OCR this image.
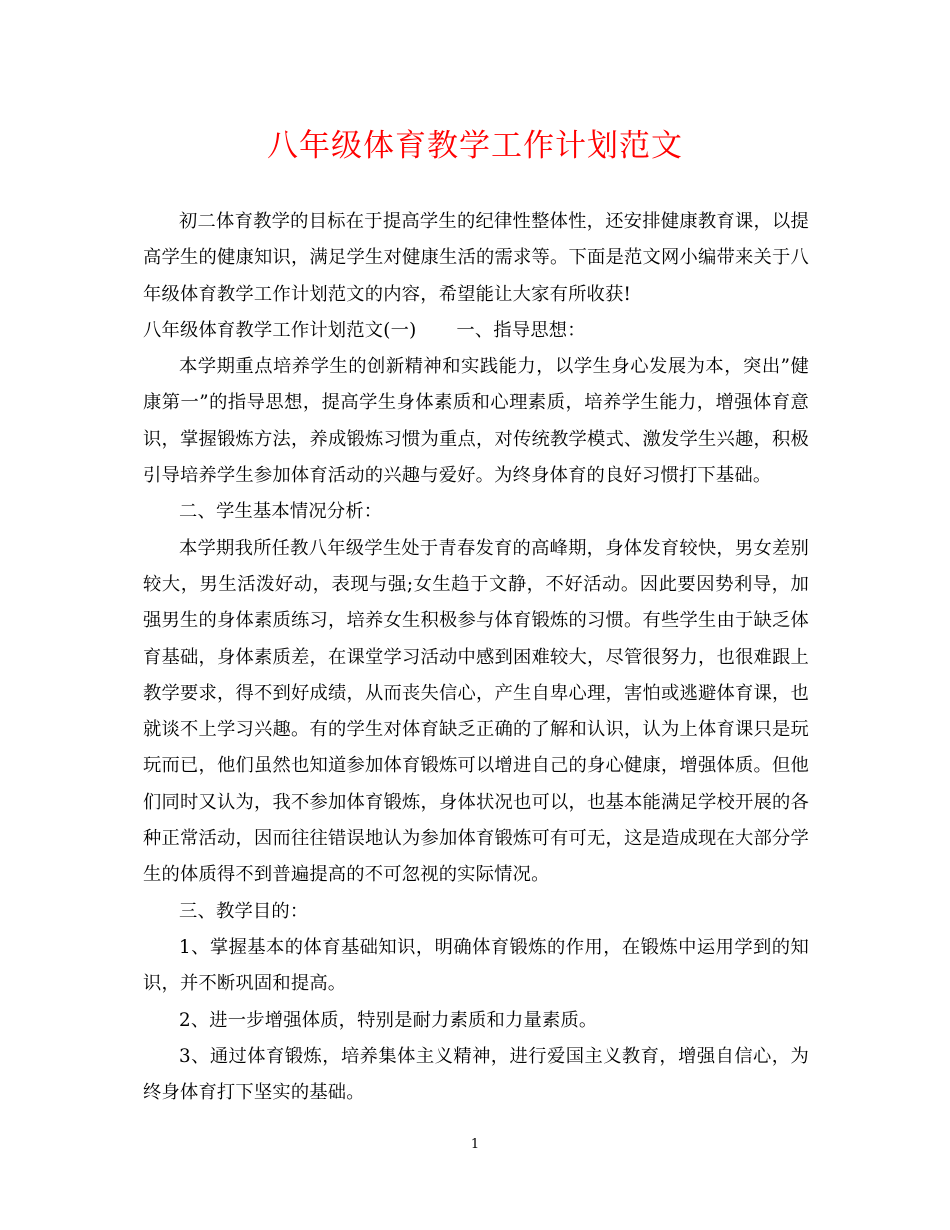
八年级体育教学工作计划范文

初二体育教学的目标在于提高学生的纪律性整体性，还安排健康教育课，以提高学生的健康知识，满足学生对健康生活的需求等。下面是范文网小编带来关于八年级体育教学工作计划范文的内容，希望能让大家有所收获!

八年级体育教学工作计划范文(一) 一、指导思想：

本学期重点培养学生的创新精神和实践能力，以学生身心发展为本，突出”健康第一”的指导思想，提高学生身体素质和心理素质，培养学生能力，增强体育意识，掌握锻炼方法，养成锻炼习惯为重点，对传统教学模式、激发学生兴趣，积极引导培养学生参加体育活动的兴趣与爱好。为终身体育的良好习惯打下基础。

二、学生基本情况分析：

本学期我所任教八年级学生处于青春发育的高峰期，身体发育较快，男女差别较大，男生活泼好动，表现与强;女生趋于文静，不好活动。因此要因势利导，加强男生的身体素质练习，培养女生积极参与体育锻炼的习惯。有些学生由于缺乏体育基础，身体素质差，在课堂学习活动中感到困难较大，尽管很努力，也很难跟上教学要求，得不到好成绩，从而丧失信心，产生自卑心理，害怕或逃避体育课，也就谈不上学习兴趣。有的学生对体育缺乏正确的了解和认识，认为上体育课只是玩玩而已，他们虽然也知道参加体育锻炼可以增进自己的身心健康，增强体质。但他们同时又认为，我不参加体育锻炼，身体状况也可以，也基本能满足学校开展的各种正常活动，因而往往错误地认为参加体育锻炼可有可无，这是造成现在大部分学生的体质得不到普遍提高的不可忽视的实际情况。

三、教学目的：

1、掌握基本的体育基础知识，明确体育锻炼的作用，在锻炼中运用学到的知识，并不断巩固和提高。

2、进一步增强体质，特别是耐力素质和力量素质。

3、通过体育锻炼，培养集体主义精神，进行爱国主义教育，增强自信心，为终身体育打下坚实的基础。

1
